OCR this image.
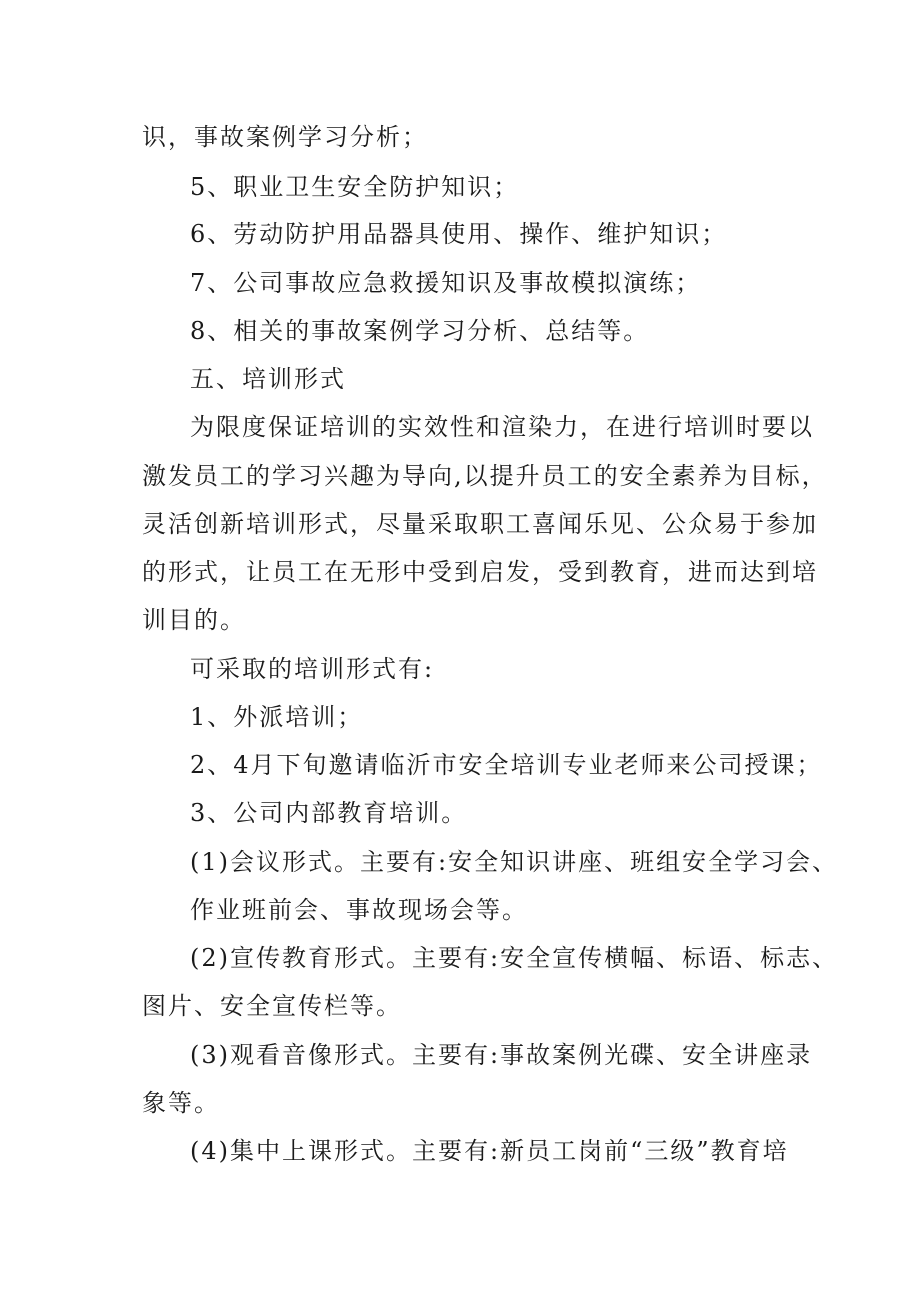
识，事故案例学习分析；
5、职业卫生安全防护知识；
6、劳动防护用品器具使用、操作、维护知识；
7、公司事故应急救援知识及事故模拟演练；
8、相关的事故案例学习分析、总结等。
五、培训形式
为限度保证培训的实效性和渲染力，在进行培训时要以
激发员工的学习兴趣为导向,以提升员工的安全素养为目标，
灵活创新培训形式，尽量采取职工喜闻乐见、公众易于参加
的形式，让员工在无形中受到启发，受到教育，进而达到培
训目的。
可采取的培训形式有:
1、外派培训；
2、4月下旬邀请临沂市安全培训专业老师来公司授课；
3、公司内部教育培训。
(1)会议形式。主要有:安全知识讲座、班组安全学习会、
作业班前会、事故现场会等。
(2)宣传教育形式。主要有:安全宣传横幅、标语、标志、
图片、安全宣传栏等。
(3)观看音像形式。主要有:事故案例光碟、安全讲座录
象等。
(4)集中上课形式。主要有:新员工岗前“三级”教育培
